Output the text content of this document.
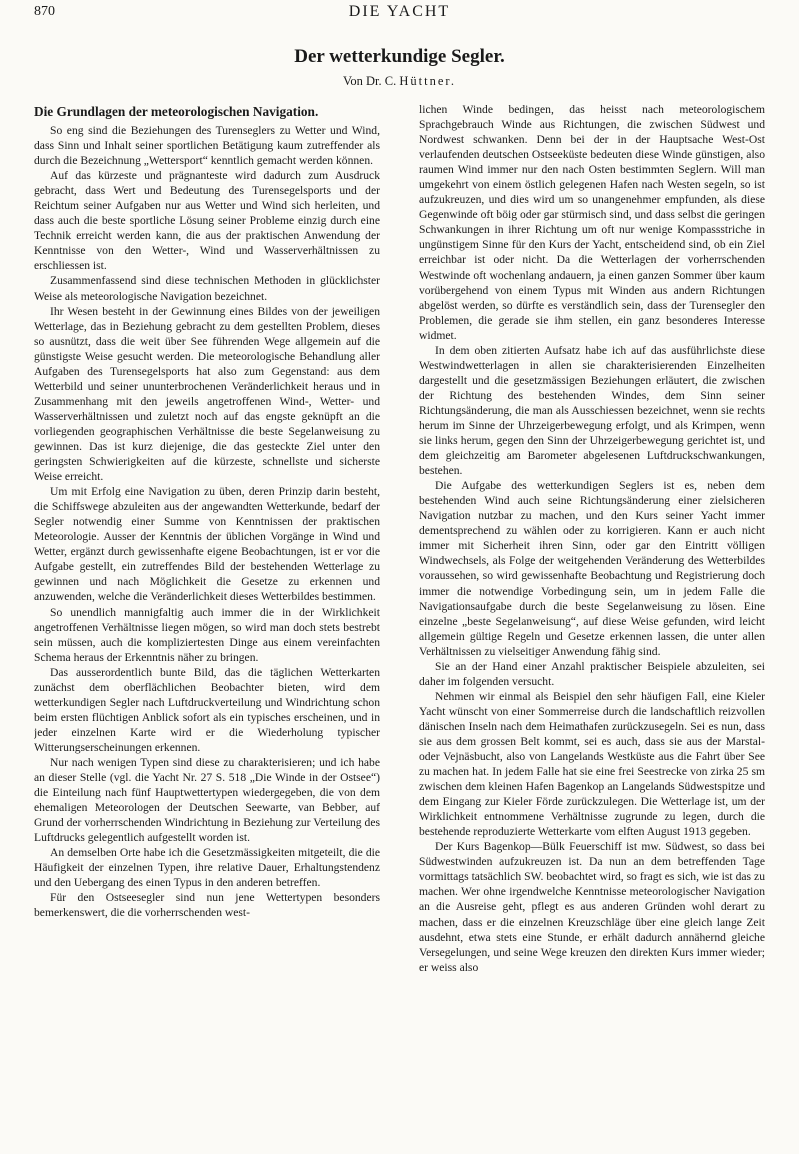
870	DIE YACHT
Der wetterkundige Segler.
Von Dr. C. Hüttner.
Die Grundlagen der meteorologischen Navigation.

So eng sind die Beziehungen des Turenseglers zu Wetter und Wind, dass Sinn und Inhalt seiner sportlichen Betätigung kaum zutreffender als durch die Bezeichnung „Wettersport“ kenntlich gemacht werden können.

Auf das kürzeste und prägnanteste wird dadurch zum Ausdruck gebracht, dass Wert und Bedeutung des Turensegelsports und der Reichtum seiner Aufgaben nur aus Wetter und Wind sich herleiten, und dass auch die beste sportliche Lösung seiner Probleme einzig durch eine Technik erreicht werden kann, die aus der praktischen Anwendung der Kenntnisse von den Wetter-, Wind und Wasserverhältnissen zu erschliessen ist.

Zusammenfassend sind diese technischen Methoden in glücklichster Weise als meteorologische Navigation bezeichnet.

Ihr Wesen besteht in der Gewinnung eines Bildes von der jeweiligen Wetterlage, das in Beziehung gebracht zu dem gestellten Problem, dieses so ausnützt, dass die weit über See führenden Wege allgemein auf die günstigste Weise gesucht werden. Die meteorologische Behandlung aller Aufgaben des Turensegelsports hat also zum Gegenstand: aus dem Wetterbild und seiner ununterbrochenen Veränderlichkeit heraus und in Zusammenhang mit den jeweils angetroffenen Wind-, Wetter- und Wasserverhältnissen und zuletzt noch auf das engste geknüpft an die vorliegenden geographischen Verhältnisse die beste Segelanweisung zu gewinnen. Das ist kurz diejenige, die das gesteckte Ziel unter den geringsten Schwierigkeiten auf die kürzeste, schnellste und sicherste Weise erreicht.

Um mit Erfolg eine Navigation zu üben, deren Prinzip darin besteht, die Schiffswege abzuleiten aus der angewandten Wetterkunde, bedarf der Segler notwendig einer Summe von Kenntnissen der praktischen Meteorologie. Ausser der Kenntnis der üblichen Vorgänge in Wind und Wetter, ergänzt durch gewissenhafte eigene Beobachtungen, ist er vor die Aufgabe gestellt, ein zutreffendes Bild der bestehenden Wetterlage zu gewinnen und nach Möglichkeit die Gesetze zu erkennen und anzuwenden, welche die Veränderlichkeit dieses Wetterbildes bestimmen.

So unendlich mannigfaltig auch immer die in der Wirklichkeit angetroffenen Verhältnisse liegen mögen, so wird man doch stets bestrebt sein müssen, auch die kompliziertesten Dinge aus einem vereinfachten Schema heraus der Erkenntnis näher zu bringen.

Das ausserordentlich bunte Bild, das die täglichen Wetterkarten zunächst dem oberflächlichen Beobachter bieten, wird dem wetterkundigen Segler nach Luftdruckverteilung und Windrichtung schon beim ersten flüchtigen Anblick sofort als ein typisches erscheinen, und in jeder einzelnen Karte wird er die Wiederholung typischer Witterungserscheinungen erkennen.

Nur nach wenigen Typen sind diese zu charakterisieren; und ich habe an dieser Stelle (vgl. die Yacht Nr. 27 S. 518 „Die Winde in der Ostsee“) die Einteilung nach fünf Hauptwettertypen wiedergegeben, die von dem ehemaligen Meteorologen der Deutschen Seewarte, van Bebber, auf Grund der vorherrschenden Windrichtung in Beziehung zur Verteilung des Luftdrucks gelegentlich aufgestellt worden ist.

An demselben Orte habe ich die Gesetzmässigkeiten mitgeteilt, die die Häufigkeit der einzelnen Typen, ihre relative Dauer, Erhaltungstendenz und den Uebergang des einen Typus in den anderen betreffen.

Für den Ostseesegler sind nun jene Wettertypen besonders bemerkenswert, die die vorherrschenden west-

lichen Winde bedingen, das heisst nach meteorologischem Sprachgebrauch Winde aus Richtungen, die zwischen Südwest und Nordwest schwanken. Denn bei der in der Hauptsache West-Ost verlaufenden deutschen Ostseeküste bedeuten diese Winde günstigen, also raumen Wind immer nur den nach Osten bestimmten Seglern. Will man umgekehrt von einem östlich gelegenen Hafen nach Westen segeln, so ist aufzukreuzen, und dies wird um so unangenehmer empfunden, als diese Gegenwinde oft böig oder gar stürmisch sind, und dass selbst die geringen Schwankungen in ihrer Richtung um oft nur wenige Kompassstriche in ungünstigem Sinne für den Kurs der Yacht, entscheidend sind, ob ein Ziel erreichbar ist oder nicht. Da die Wetterlagen der vorherrschenden Westwinde oft wochenlang andauern, ja einen ganzen Sommer über kaum vorübergehend von einem Typus mit Winden aus andern Richtungen abgelöst werden, so dürfte es verständlich sein, dass der Turensegler den Problemen, die gerade sie ihm stellen, ein ganz besonderes Interesse widmet.

In dem oben zitierten Aufsatz habe ich auf das ausführlichste diese Westwindwetterlagen in allen sie charakterisierenden Einzelheiten dargestellt und die gesetzmässigen Beziehungen erläutert, die zwischen der Richtung des bestehenden Windes, dem Sinn seiner Richtungsänderung, die man als Ausschiessen bezeichnet, wenn sie rechts herum im Sinne der Uhrzeigerbewegung erfolgt, und als Krimpen, wenn sie links herum, gegen den Sinn der Uhrzeigerbewegung gerichtet ist, und dem gleichzeitig am Barometer abgelesenen Luftdruckschwankungen, bestehen.

Die Aufgabe des wetterkundigen Seglers ist es, neben dem bestehenden Wind auch seine Richtungsänderung einer zielsicheren Navigation nutzbar zu machen, und den Kurs seiner Yacht immer dementsprechend zu wählen oder zu korrigieren. Kann er auch nicht immer mit Sicherheit ihren Sinn, oder gar den Eintritt völligen Windwechsels, als Folge der weitgehenden Veränderung des Wetterbildes voraussehen, so wird gewissenhafte Beobachtung und Registrierung doch immer die notwendige Vorbedingung sein, um in jedem Falle die Navigationsaufgabe durch die beste Segelanweisung zu lösen. Eine einzelne „beste Segelanweisung“, auf diese Weise gefunden, wird leicht allgemein gültige Regeln und Gesetze erkennen lassen, die unter allen Verhältnissen zu vielseitiger Anwendung fähig sind.

Sie an der Hand einer Anzahl praktischer Beispiele abzuleiten, sei daher im folgenden versucht.

Nehmen wir einmal als Beispiel den sehr häufigen Fall, eine Kieler Yacht wünscht von einer Sommerreise durch die landschaftlich reizvollen dänischen Inseln nach dem Heimathafen zurückzusegeln. Sei es nun, dass sie aus dem grossen Belt kommt, sei es auch, dass sie aus der Marstal- oder Vejnäsbucht, also von Langelands Westküste aus die Fahrt über See zu machen hat. In jedem Falle hat sie eine frei Seestrecke von zirka 25 sm zwischen dem kleinen Hafen Bagenkop an Langelands Südwestspitze und dem Eingang zur Kieler Förde zurückzulegen. Die Wetterlage ist, um der Wirklichkeit entnommene Verhältnisse zugrunde zu legen, durch die bestehende reproduzierte Wetterkarte vom elften August 1913 gegeben.

Der Kurs Bagenkop—Bülk Feuerschiff ist mw. Südwest, so dass bei Südwestwinden aufzukreuzen ist. Da nun an dem betreffenden Tage vormittags tatsächlich SW. beobachtet wird, so fragt es sich, wie ist das zu machen. Wer ohne irgendwelche Kenntnisse meteorologischer Navigation an die Ausreise geht, pflegt es aus anderen Gründen wohl derart zu machen, dass er die einzelnen Kreuzschläge über eine gleich lange Zeit ausdehnt, etwa stets eine Stunde, er erhält dadurch annähernd gleiche Versegelungen, und seine Wege kreuzen den direkten Kurs immer wieder; er weiss also
